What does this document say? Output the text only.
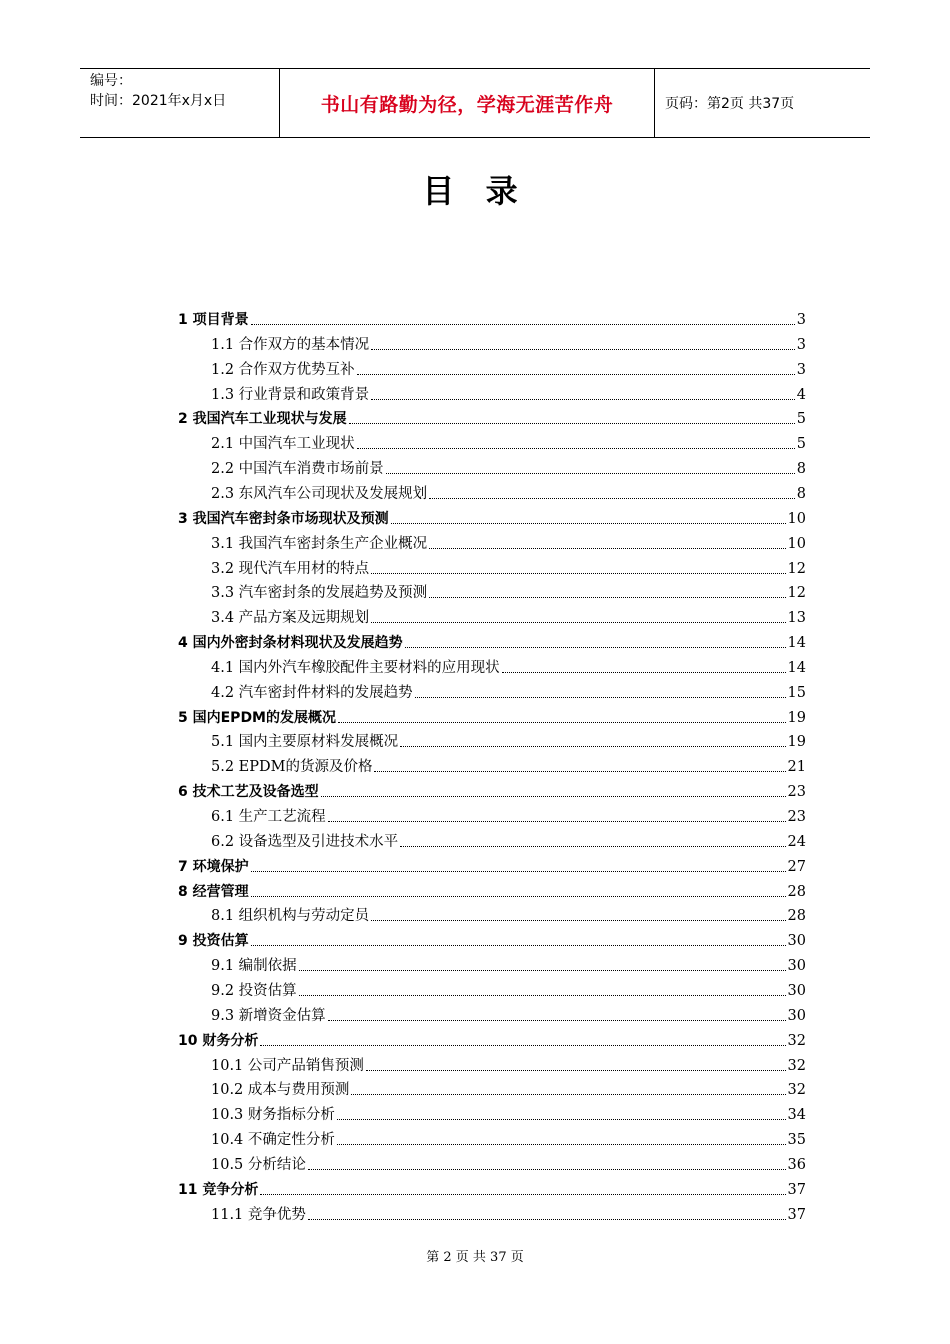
编号：
时间：2021年x月x日	书山有路勤为径，学海无涯苦作舟	页码：第2页 共37页
目 录
1 项目背景	3
1.1 合作双方的基本情况	3
1.2 合作双方优势互补	3
1.3 行业背景和政策背景	4
2 我国汽车工业现状与发展	5
2.1 中国汽车工业现状	5
2.2 中国汽车消费市场前景	8
2.3 东风汽车公司现状及发展规划	8
3 我国汽车密封条市场现状及预测	10
3.1 我国汽车密封条生产企业概况	10
3.2 现代汽车用材的特点	12
3.3 汽车密封条的发展趋势及预测	12
3.4 产品方案及远期规划	13
4 国内外密封条材料现状及发展趋势	14
4.1 国内外汽车橡胶配件主要材料的应用现状	14
4.2 汽车密封件材料的发展趋势	15
5 国内EPDM的发展概况	19
5.1 国内主要原材料发展概况	19
5.2 EPDM的货源及价格	21
6 技术工艺及设备选型	23
6.1 生产工艺流程	23
6.2 设备选型及引进技术水平	24
7 环境保护	27
8 经营管理	28
8.1 组织机构与劳动定员	28
9 投资估算	30
9.1 编制依据	30
9.2 投资估算	30
9.3 新增资金估算	30
10 财务分析	32
10.1 公司产品销售预测	32
10.2 成本与费用预测	32
10.3 财务指标分析	34
10.4 不确定性分析	35
10.5 分析结论	36
11 竞争分析	37
11.1 竞争优势	37
第 2 页 共 37 页
